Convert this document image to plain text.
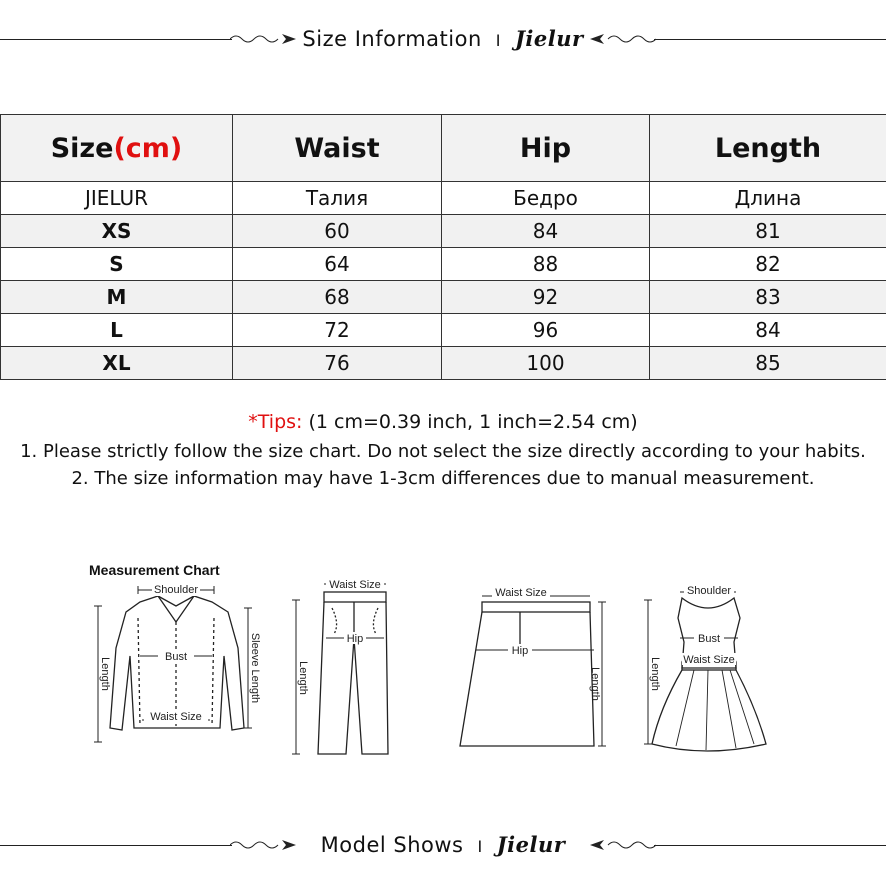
Size Information I Jielur
Size(cm)	Waist	Hip	Length
JIELUR	Талия	Бедро	Длина
XS	60	84	81
S	64	88	82
M	68	92	83
L	72	96	84
XL	76	100	85
*Tips: (1 cm=0.39 inch, 1 inch=2.54 cm)
1. Please strictly follow the size chart. Do not select the size directly according to your habits.
2. The size information may have 1-3cm differences due to manual measurement.
Measurement Chart
Shoulder
Bust
Waist Size
Length	Sleeve Length
Waist Size
Hip
Length
Waist Size
Hip
Length
Shoulder
Bust
Waist Size
Length
Model Shows I Jielur
